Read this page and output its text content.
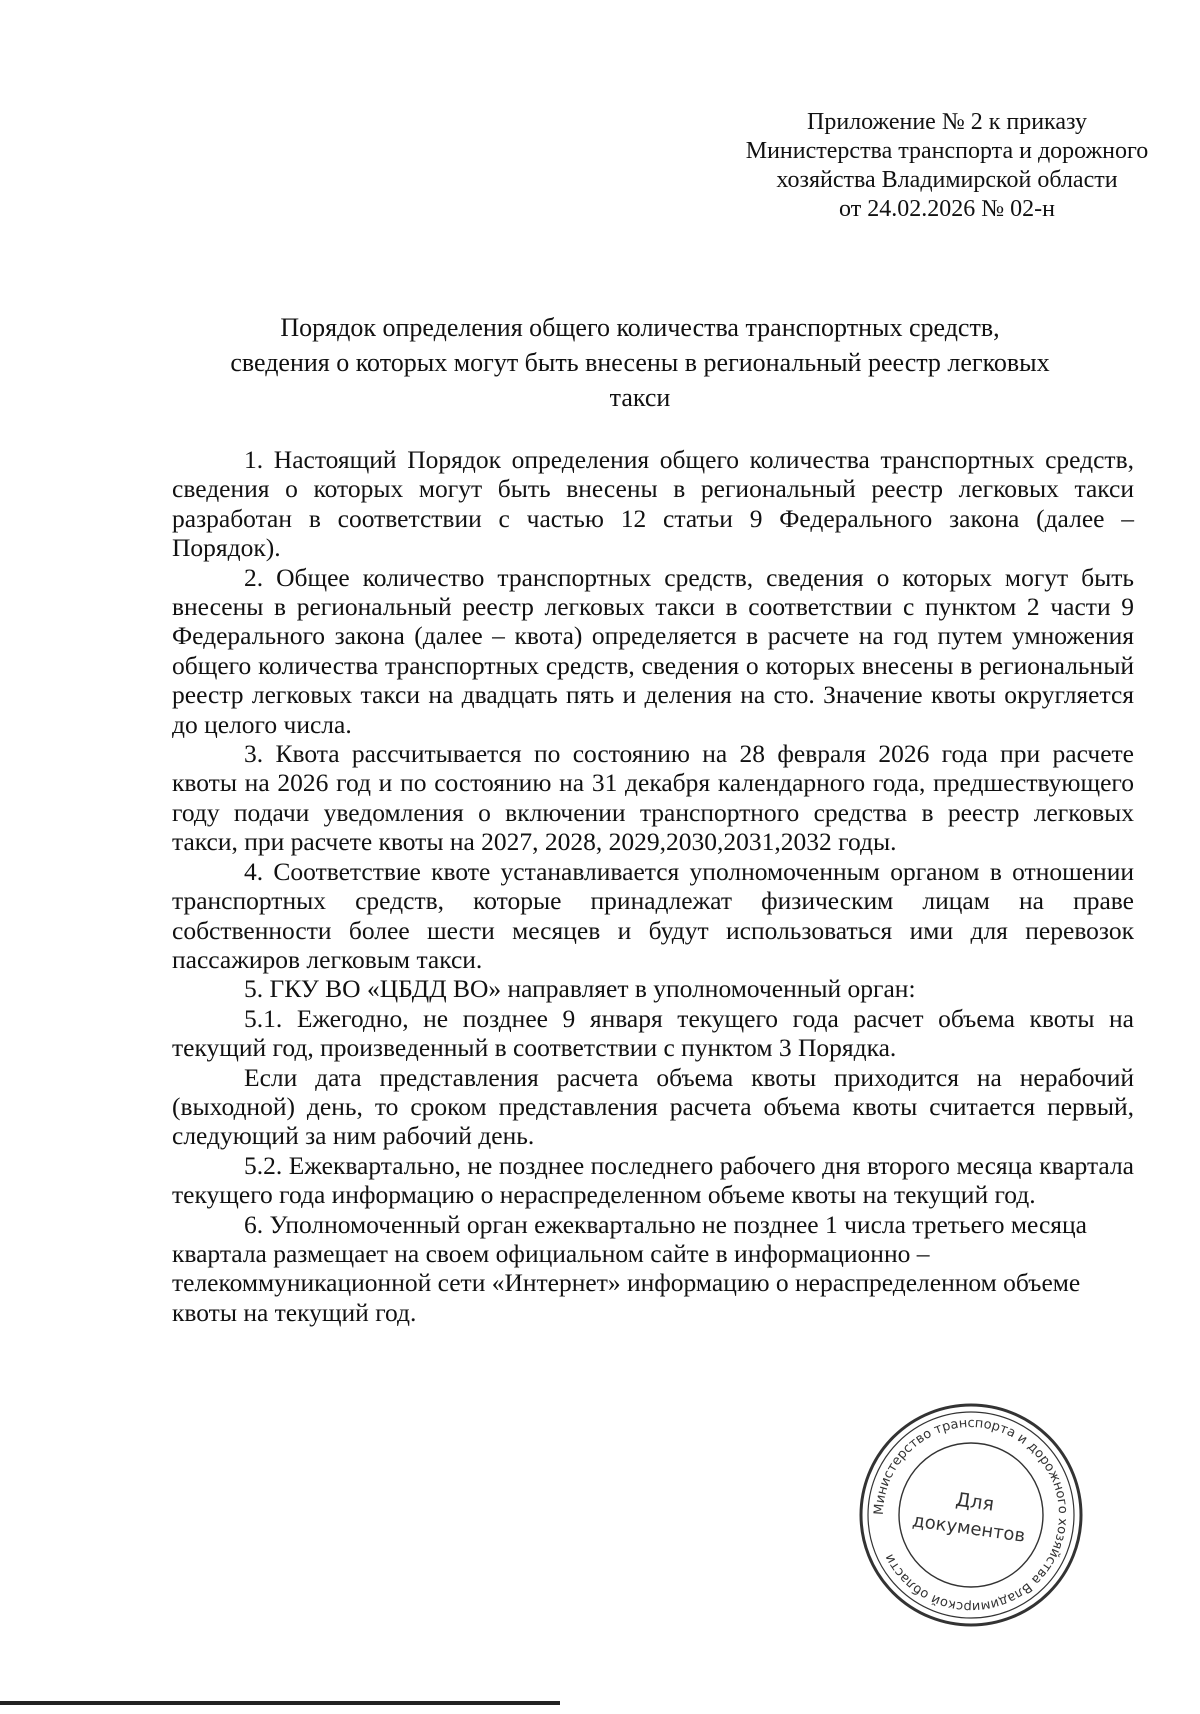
Приложение № 2 к приказу
Министерства транспорта и дорожного
хозяйства Владимирской области
от 24.02.2026 № 02-н
Порядок определения общего количества транспортных средств,
сведения о которых могут быть внесены в региональный реестр легковых
такси

1. Настоящий Порядок определения общего количества транспортных средств, сведения о которых могут быть внесены в региональный реестр легковых такси разработан в соответствии с частью 12 статьи 9 Федерального закона (далее – Порядок).

2. Общее количество транспортных средств, сведения о которых могут быть внесены в региональный реестр легковых такси в соответствии с пунктом 2 части 9 Федерального закона (далее – квота) определяется в расчете на год путем умножения общего количества транспортных средств, сведения о которых внесены в региональный реестр легковых такси на двадцать пять и деления на сто. Значение квоты округляется до целого числа.

3. Квота рассчитывается по состоянию на 28 февраля 2026 года при расчете квоты на 2026 год и по состоянию на 31 декабря календарного года, предшествующего году подачи уведомления о включении транспортного средства в реестр легковых такси, при расчете квоты на 2027, 2028, 2029,2030,2031,2032 годы.

4. Соответствие квоте устанавливается уполномоченным органом в отношении транспортных средств, которые принадлежат физическим лицам на праве собственности более шести месяцев и будут использоваться ими для перевозок пассажиров легковым такси.

5. ГКУ ВО «ЦБДД ВО» направляет в уполномоченный орган:

5.1. Ежегодно, не позднее 9 января текущего года расчет объема квоты на текущий год, произведенный в соответствии с пунктом 3 Порядка.

Если дата представления расчета объема квоты приходится на нерабочий (выходной) день, то сроком представления расчета объема квоты считается первый, следующий за ним рабочий день.

5.2. Ежеквартально, не позднее последнего рабочего дня второго месяца квартала текущего года информацию о нераспределенном объеме квоты на текущий год.

6. Уполномоченный орган ежеквартально не позднее 1 числа третьего месяца квартала размещает на своем официальном сайте в информационно – телекоммуникационной сети «Интернет» информацию о нераспределенном объеме квоты на текущий год.

Министерство транспорта и дорожного хозяйства Владимирской области
Для
документов
